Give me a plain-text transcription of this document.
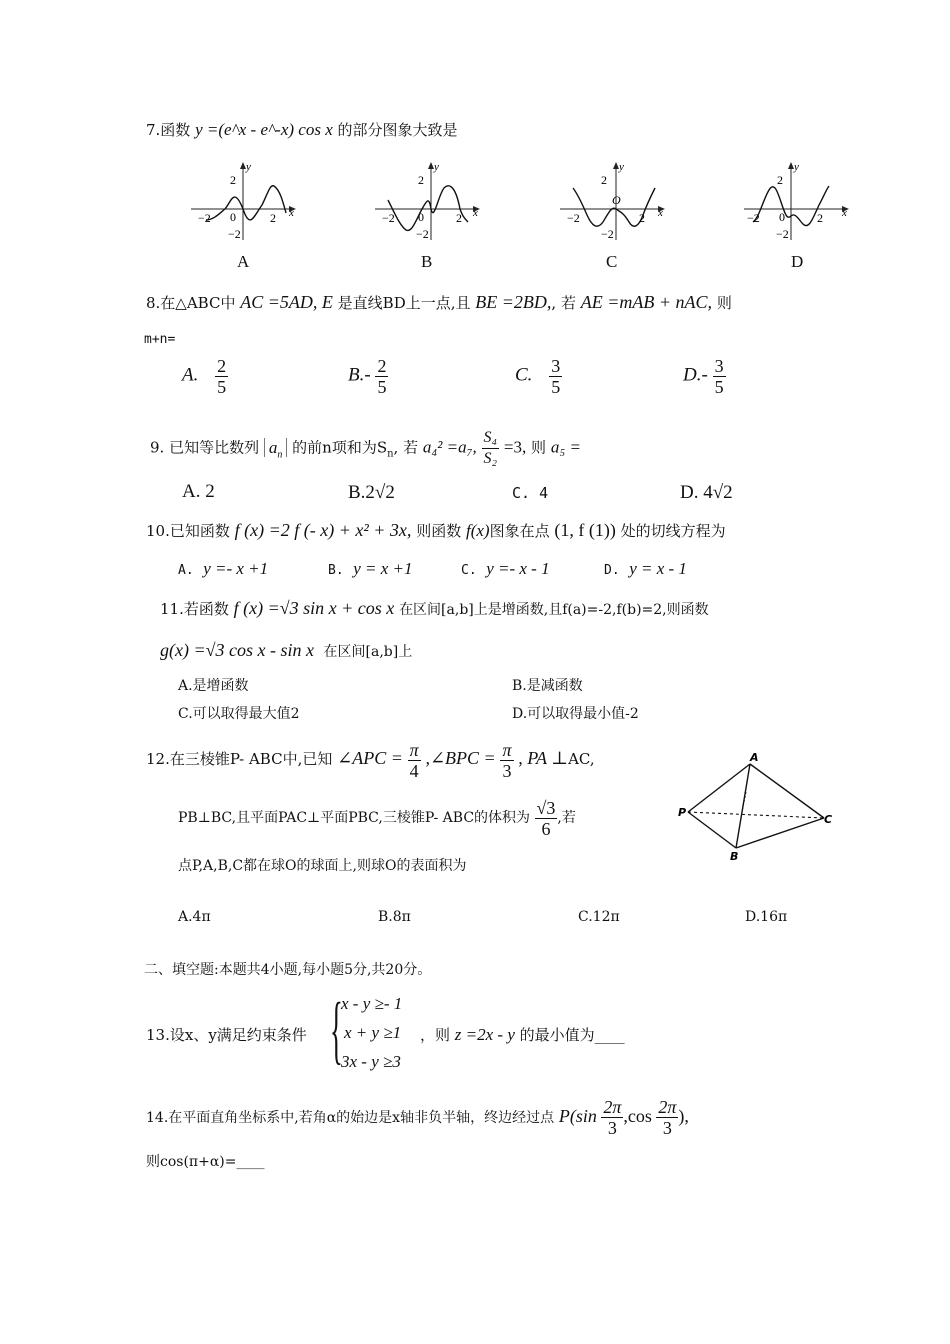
7.函数 y =(e^x - e^-x) cos x 的部分图象大致是
y
x
2
−2
−2	2
0
A
y
x
2
−2
−2	2
0
B
y
x
2
−2
−2	2
O
C
y
x
2
−2
−2	2
0
D
8.在△ABC中 AC =5AD, E 是直线BD上一点,且 BE =2BD,, 若 AE =mAB + nAC, 则
m+n=
A. $\frac{2}{5}$	$B.- \frac{2}{5}$	C. $\frac{3}{5}$	$D.- \frac{3}{5}$
9. 已知等比数列 $a_n$ 的前n项和为$S_n$, 若 a₄² =a₇, $\frac{\text{S₄}}{\text{S₂}} =3$, 则 a₅ =
A. 2	B.2√2	C. 4	D. 4√2
10.已知函数 f (x) =2 f (- x) + x² + 3x, 则函数 f(x)图象在点 (1, f (1)) 处的切线方程为
A. y =- x +1	B. y = x +1	C. y =- x - 1	D. y = x - 1
11.若函数 f (x) =√3 sin x + cos x 在区间[a,b]上是增函数,且f(a)=-2,f(b)=2,则函数
g(x) =√3 cos x - sin x 在区间[a,b]上
A.是增函数	B.是减函数
C.可以取得最大值2	D.可以取得最小值-2
12.在三棱锥P- ABC中,已知 ∠APC = $\frac{\pi}{4}$ ,∠BPC = $\frac{\pi}{3}$ , PA ⊥AC,
PB⊥BC,且平面PAC⊥平面PBC,三棱锥P- ABC的体积为 $\frac{√3}{6}$ ,若
点P,A,B,C都在球O的球面上,则球O的表面积为
A
P
C
B
A.4π	B.8π	C.12π	D.16π
二、填空题:本题共4小题,每小题5分,共20分。
13.设x、y满足约束条件 {
x - y ≥- 1
x + y ≥1
3x - y ≥3
，则 z =2x - y 的最小值为____
14.在平面直角坐标系中,若角α的始边是x轴非负半轴，终边经过点 $P(\sin \frac{2\pi}{3} ,\cos \frac{2\pi}{3}$ ),
则cos(π+α)=____
